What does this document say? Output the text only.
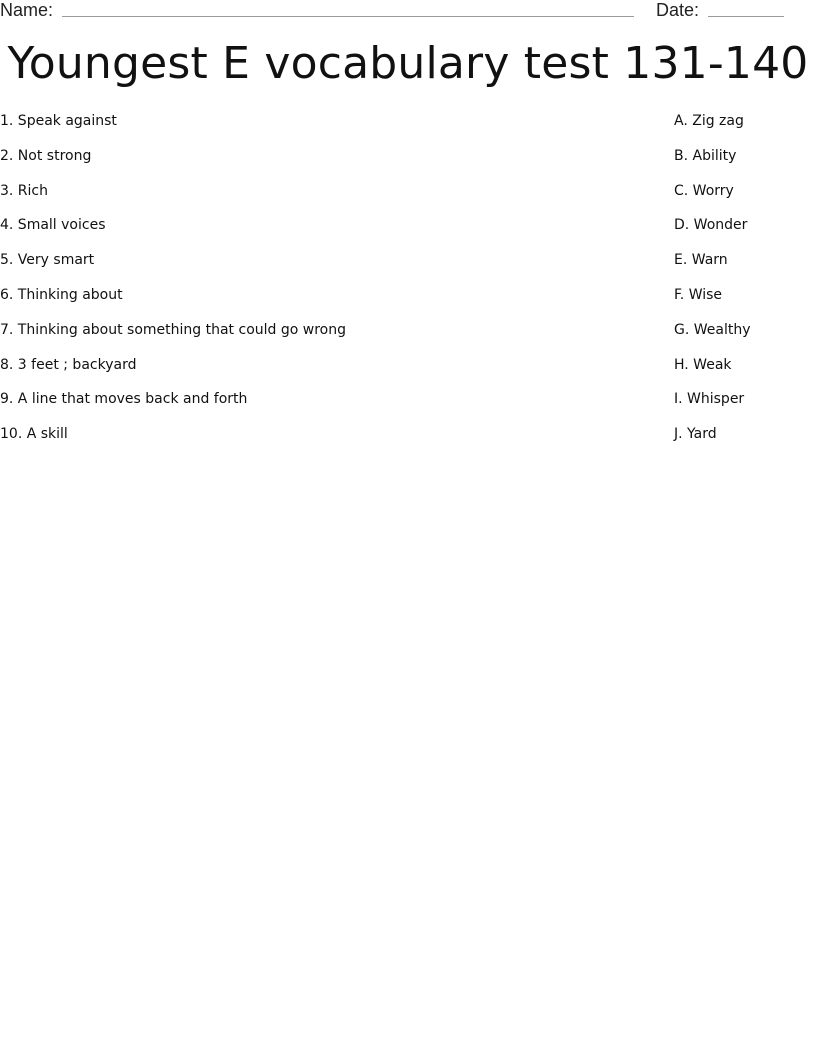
Name:	Date:
Youngest E vocabulary test 131-140
1. Speak against
2. Not strong
3. Rich
4. Small voices
5. Very smart
6. Thinking about
7. Thinking about something that could go wrong
8. 3 feet ; backyard
9. A line that moves back and forth
10. A skill
A. Zig zag
B. Ability
C. Worry
D. Wonder
E. Warn
F. Wise
G. Wealthy
H. Weak
I. Whisper
J. Yard
